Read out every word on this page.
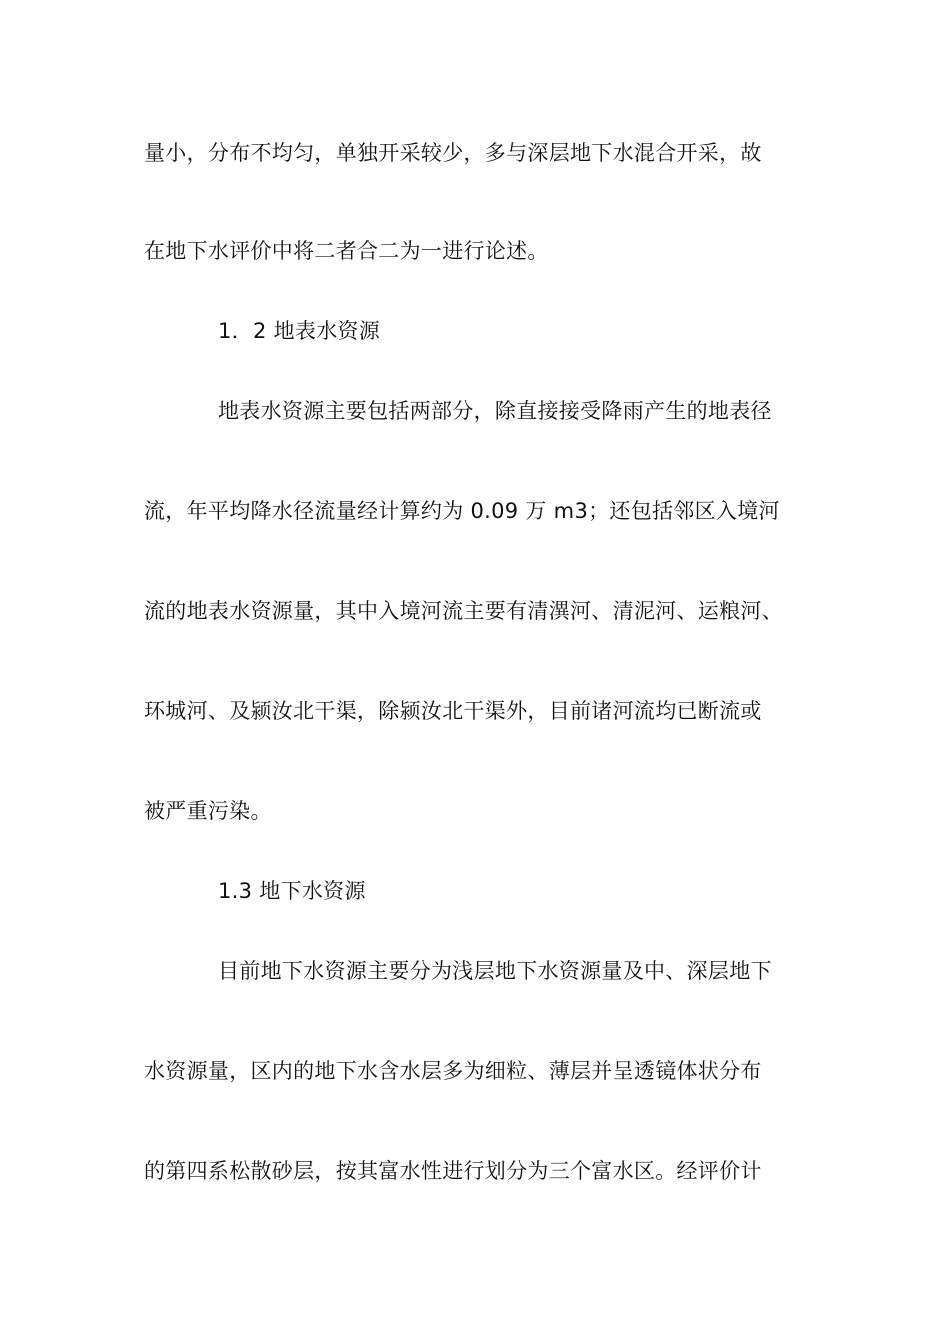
量小，分布不均匀，单独开采较少，多与深层地下水混合开采，故

在地下水评价中将二者合二为一进行论述。

1．2 地表水资源

地表水资源主要包括两部分，除直接接受降雨产生的地表径

流，年平均降水径流量经计算约为 0.09 万 m3；还包括邻区入境河

流的地表水资源量，其中入境河流主要有清潩河、清泥河、运粮河、

环城河、及颍汝北干渠，除颍汝北干渠外，目前诸河流均已断流或

被严重污染。

1.3 地下水资源

目前地下水资源主要分为浅层地下水资源量及中、深层地下

水资源量，区内的地下水含水层多为细粒、薄层并呈透镜体状分布

的第四系松散砂层，按其富水性进行划分为三个富水区。经评价计
